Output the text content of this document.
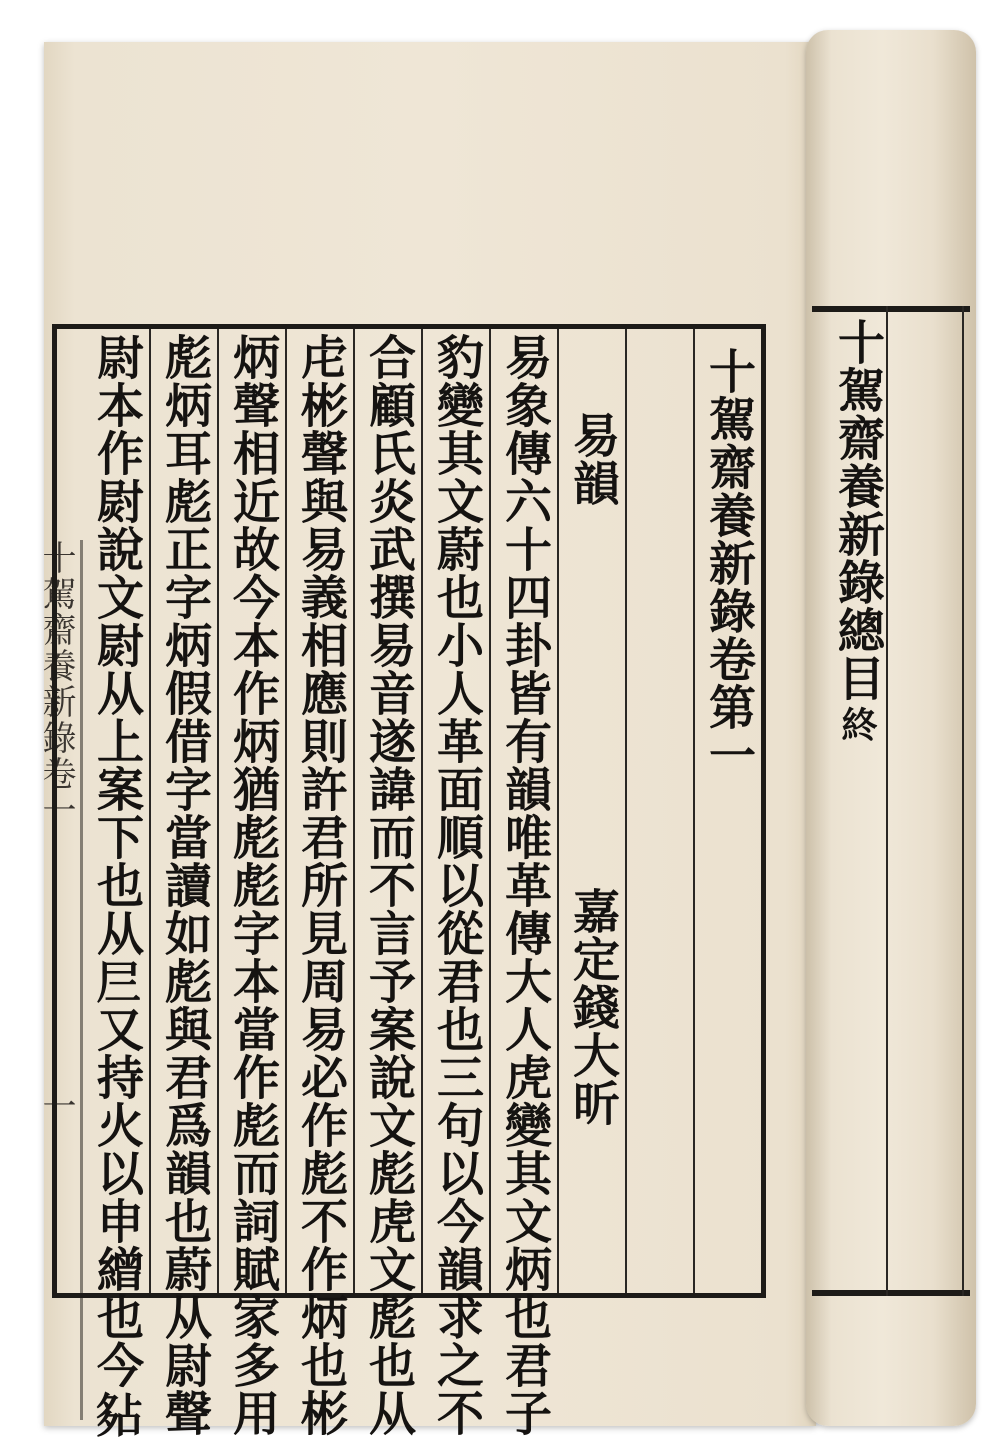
十駕齋養新錄卷一
一
十駕齋養新錄卷第一
易韻
嘉定錢大昕
易象傳六十四卦皆有韻唯革傳大人虎變其文炳也君子
豹變其文蔚也小人革面順以從君也三句以今韻求之不
合顧氏炎武撰易音遂諱而不言予案說文彪虎文彪也从
虍彬聲與易義相應則許君所見周易必作彪不作炳也彬
炳聲相近故今本作炳猶彪彪字本當作彪而詞賦家多用
彪炳耳彪正字炳假借字當讀如彪與君爲韻也蔚从尉聲
尉本作㷉說文㷉从上案下也从𡰥又持火以申繒也今𡖞	十駕齋養新錄總目終
